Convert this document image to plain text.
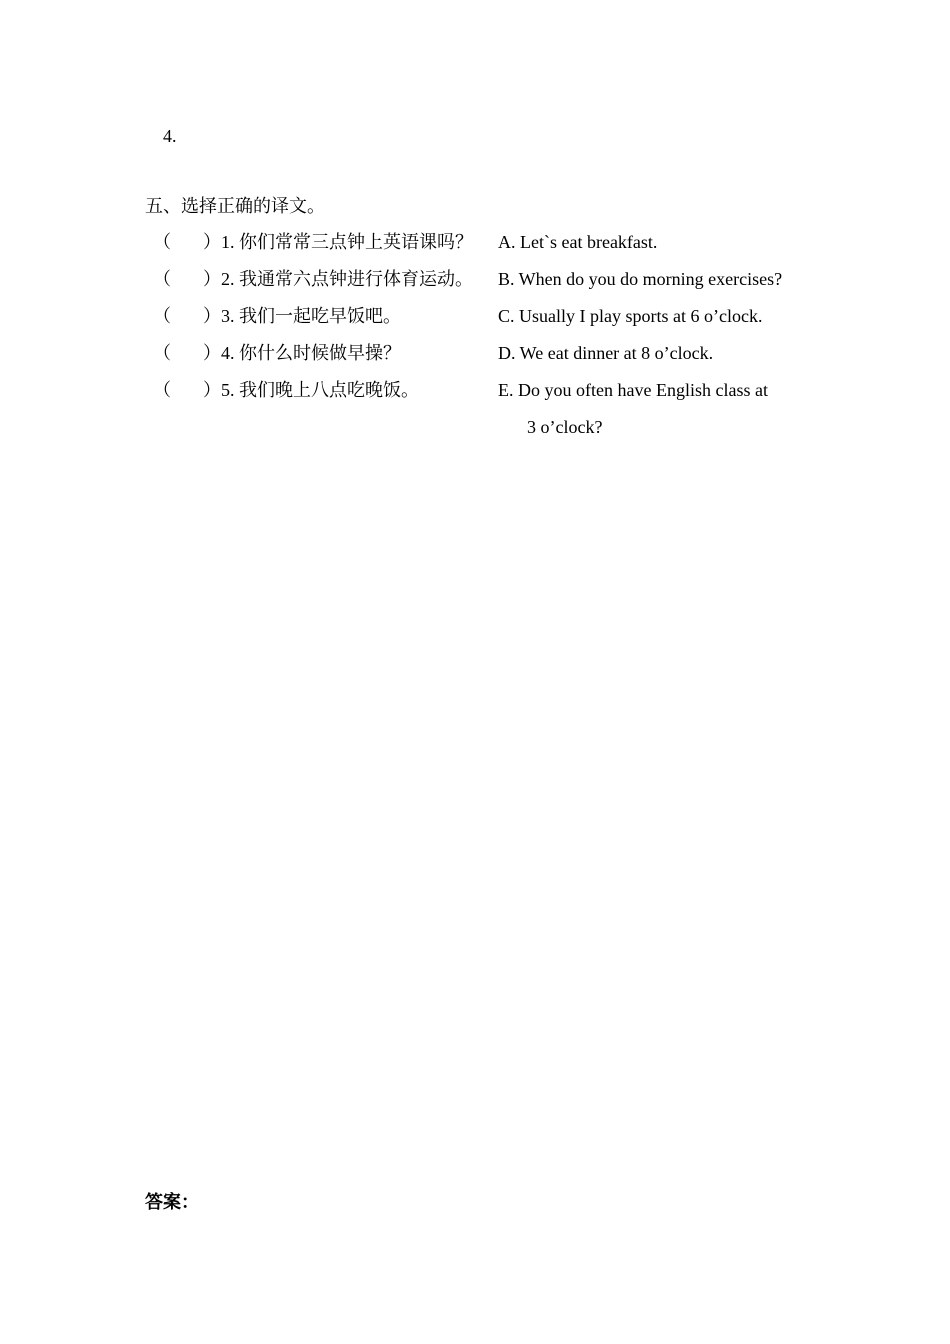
4.
五、选择正确的译文。
（ ） 1. 你们常常三点钟上英语课吗？ A. Let`s eat breakfast.
（ ） 2. 我通常六点钟进行体育运动。 B. When do you do morning exercises?
（ ） 3. 我们一起吃早饭吧。	C. Usually I play sports at 6 o’clock.
（ ） 4. 你什么时候做早操？	D. We eat dinner at 8 o’clock.
（ ） 5. 我们晚上八点吃晚饭。	E. Do you often have English class at
3 o’clock?
答案：
